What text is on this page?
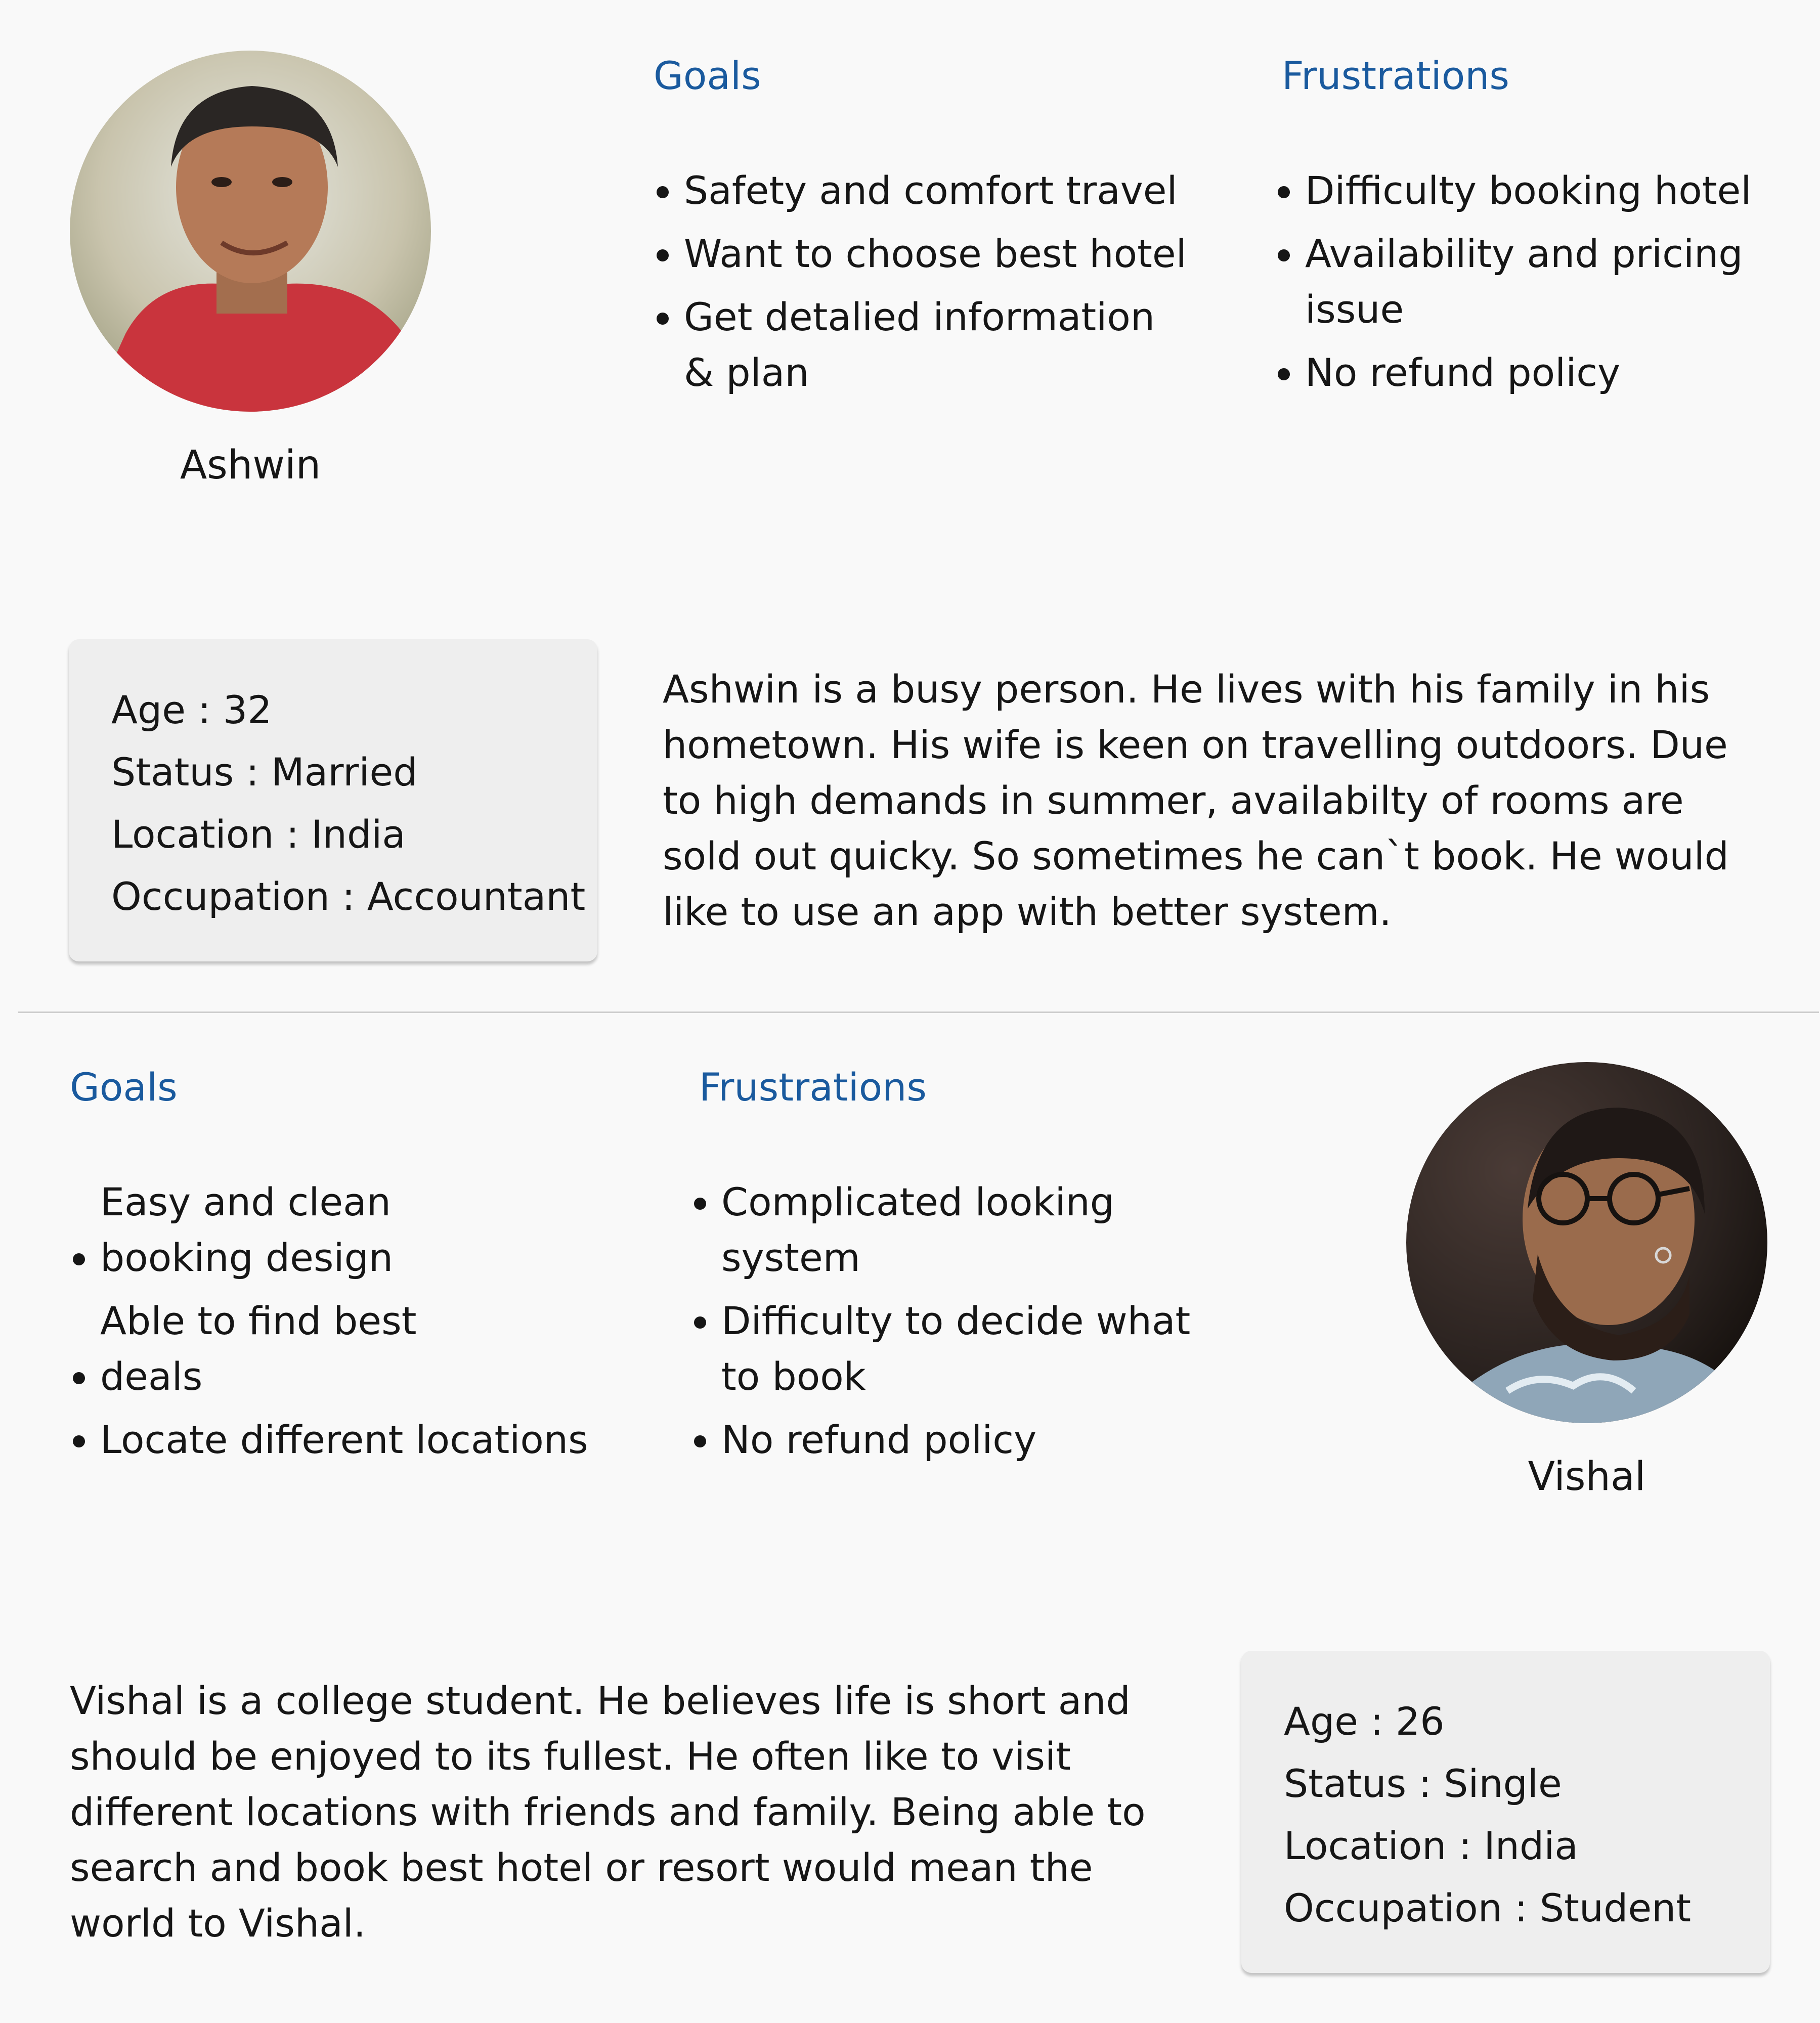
Ashwin
Goals
• Safety and comfort travel
• Want to choose best hotel
• Get detalied information & plan
Frustrations
• Difficulty booking hotel
• Availability and pricing issue
• No refund policy
Age : 32
Status : Married
Location : India
Occupation : Accountant
Ashwin is a busy person. He lives with his family in his hometown. His wife is keen on travelling outdoors. Due to high demands in summer, availabilty of rooms are sold out quicky. So sometimes he can`t book. He would like to use an app with better system.
Goals
• Easy and clean booking design
• Able to find best deals
• Locate different locations
Frustrations
• Complicated looking system
• Difficulty to decide what to book
• No refund policy
Vishal
Vishal is a college student. He believes life is short and should be enjoyed to its fullest. He often like to visit different locations with friends and family. Being able to search and book best hotel or resort would mean the world to Vishal.
Age : 26
Status : Single
Location : India
Occupation : Student
